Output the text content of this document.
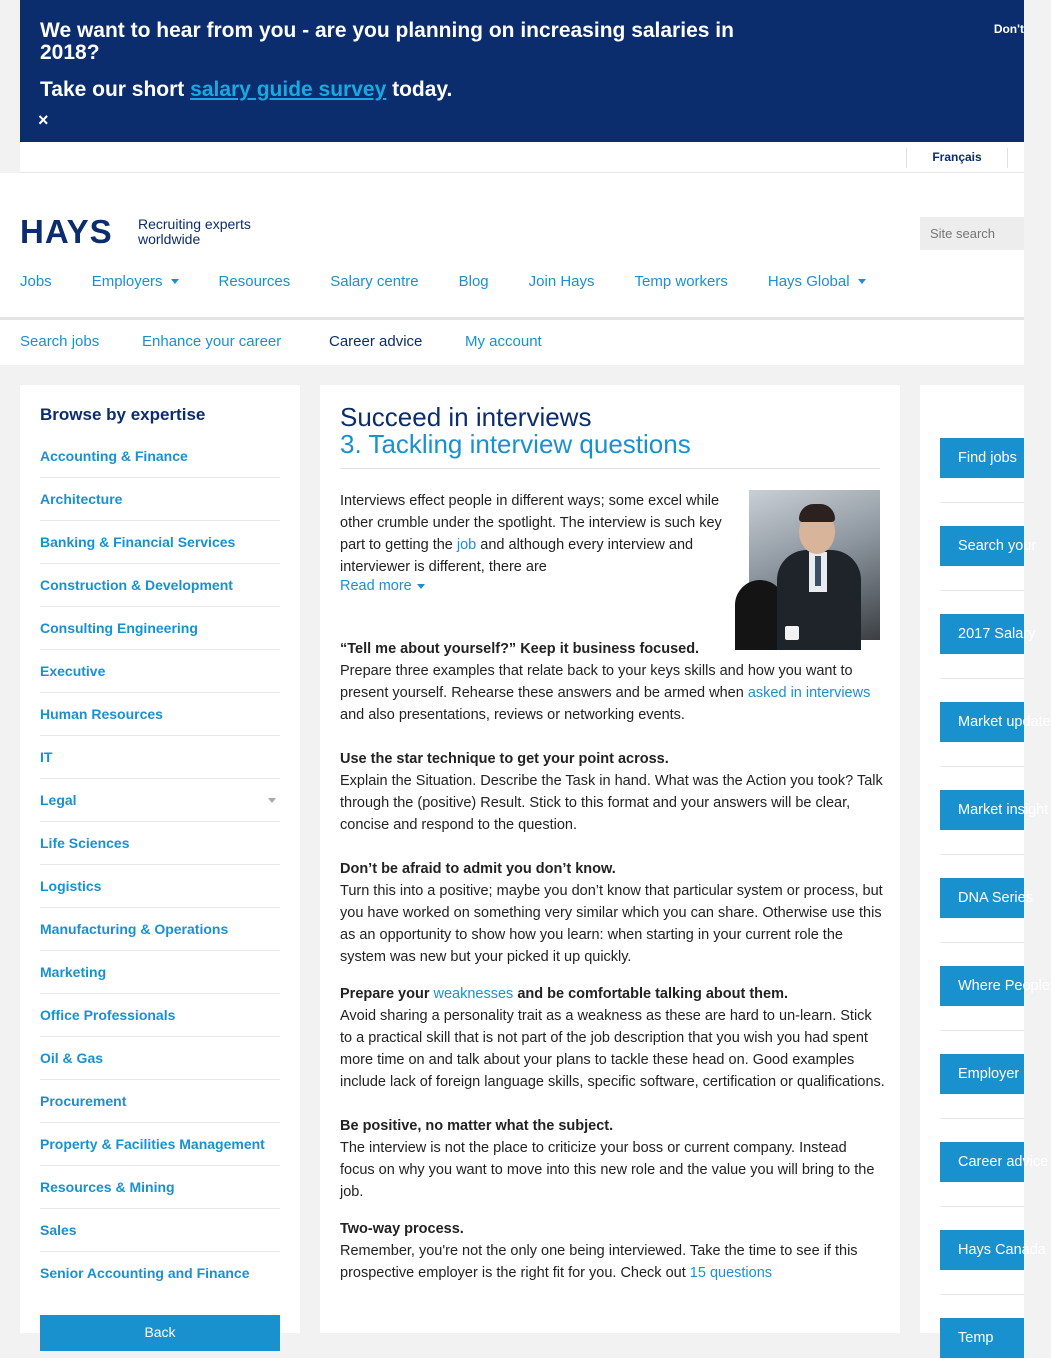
We want to hear from you - are you planning on increasing salaries in 2018?
Take our short salary guide survey today.
×
Don't
Français
HAYS Recruiting experts worldwide
Site search
Jobs	Employers	Resources	Salary centre	Blog	Join Hays	Temp workers	Hays Global
Search jobs	Enhance your career	Career advice	My account
Browse by expertise
Accounting & Finance
Architecture
Banking & Financial Services
Construction & Development
Consulting Engineering
Executive
Human Resources
IT
Legal
Life Sciences
Logistics
Manufacturing & Operations
Marketing
Office Professionals
Oil & Gas
Procurement
Property & Facilities Management
Resources & Mining
Sales
Senior Accounting and Finance
Back
Succeed in interviews
3. Tackling interview questions
Interviews effect people in different ways; some excel while other crumble under the spotlight. The interview is such key part to getting the job and although every interview and interviewer is different, there are
Read more

“Tell me about yourself?” Keep it business focused.
Prepare three examples that relate back to your keys skills and how you want to present yourself. Rehearse these answers and be armed when asked in interviews and also presentations, reviews or networking events.

Use the star technique to get your point across.
Explain the Situation. Describe the Task in hand. What was the Action you took? Talk through the (positive) Result. Stick to this format and your answers will be clear, concise and respond to the question.

Don’t be afraid to admit you don’t know.
Turn this into a positive; maybe you don’t know that particular system or process, but you have worked on something very similar which you can share. Otherwise use this as an opportunity to show how you learn: when starting in your current role the system was new but your picked it up quickly.

Prepare your weaknesses and be comfortable talking about them.
Avoid sharing a personality trait as a weakness as these are hard to un-learn. Stick to a practical skill that is not part of the job description that you wish you had spent more time on and talk about your plans to tackle these head on. Good examples include lack of foreign language skills, specific software, certification or qualifications.

Be positive, no matter what the subject.
The interview is not the place to criticize your boss or current company. Instead focus on why you want to move into this new role and the value you will bring to the job.

Two-way process.
Remember, you're not the only one being interviewed. Take the time to see if this prospective employer is the right fit for you. Check out 15 questions

Find jobs
Search your
2017 Salary
Market update
Market insight
DNA Series
Where People
Employer
Career advice
Hays Canada
Temp
